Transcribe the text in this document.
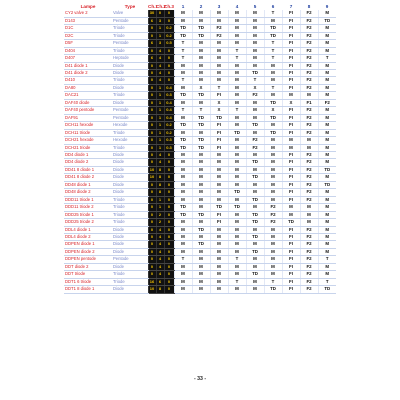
Lampe	Type	Ch.1	Ch.2	Ch.3	1	2	3	4	5	6	7	8	9
CY2 valve 2	Valve	30	0	0	M	M	M	M	M	T	FI	F2	M
D143	Pentode	6	3	0	M	M	M	M	M	M	FI	F2	TD
D1C	Triode	0	1	0.2	TD	TD	F2	M	M	TD	FI	F2	M
D2C	Triode	0	1	0.2	TD	TD	F2	M	M	TD	FI	F2	M
D5F	Pentode	6	3	0.5	T	M	M	M	M	T	FI	F2	M
D404	Triode	0	4	0	T	M	M	T	M	T	FI	F2	M
D407	Heptode	6	4	0	T	M	M	T	M	T	FI	F2	T
D41 diode 1	Diode	0	4	0	M	M	M	M	M	M	FI	F2	M
D41 diode 2	Diode	0	4	0	M	M	M	M	TD	M	FI	F2	M
D410	Triode	0	4	0	T	M	M	M	T	M	FI	F2	M
DA80	Diode	0	1	0.4	M	X	T	M	X	T	FI	F2	M
DAC21	Triode	0	1	0.3	TD	TD	FI	M	F2	M	M	M	M
DAF40 diode	Diode	0	1	0.4	M	M	X	M	M	TD	X	F1	F2
DAF40 pentode	Pentode	0	1	0.4	T	T	X	T	M	X	FI	F2	M
DAF91	Pentode	0	1	0.4	M	TD	TD	M	M	TD	FI	F2	M
DCH11 hexode	Hexode	0	1	0.2	TD	TD	FI	M	TD	M	FI	F2	M
DCH11 triode	Triode	0	1	0.2	M	M	FI	TD	M	TD	FI	F2	M
DCH21 hexode	Hexode	0	1	0.3	TD	TD	FI	M	F2	M	M	M	M
DCH21 triode	Triode	0	1	0.3	TD	TD	FI	M	F2	M	M	M	M
DD4 diode 1	Diode	0	4	0	M	M	M	M	M	M	FI	F2	M
DD4 diode 2	Diode	0	4	0	M	M	M	M	TD	M	FI	F2	M
DD41 8 diode 1	Diode	10	8	0	M	M	M	M	M	M	FI	F2	TD
DD41 8 diode 2	Diode	10	8	0	M	M	M	M	TD	M	FI	F2	M
DD48 diode 1	Diode	0	8	0	M	M	M	M	M	M	FI	F2	TD
DD48 diode 2	Diode	0	8	0	M	M	M	TD	M	M	FI	F2	M
DDD11 triode 1	Triode	0	1	0	M	M	M	M	TD	M	FI	F2	M
DDD11 triode 2	Triode	0	1	0	TD	M	TD	TD	M	F2	M	M	M
DDD25 triode 1	Triode	0	2	0	TD	TD	FI	M	TD	F2	M	M	M
DDD25 triode 2	Triode	0	2	0	M	M	FI	M	TD	F2	TD	M	M
DDL4 diode 1	Diode	0	4	0	M	TD	M	M	M	M	FI	F2	M
DDL4 diode 2	Diode	0	4	0	M	M	M	M	TD	M	FI	F2	M
DDPEN diode 1	Diode	0	4	0	M	TD	M	M	M	M	FI	F2	M
DDPEN diode 2	Diode	0	4	0	M	M	M	M	TD	M	FI	F2	M
DDPEN pentode	Pentode	0	4	0	T	M	M	T	M	M	FI	F2	T
DDT diode 2	Diode	0	4	0	M	M	M	M	M	M	FI	F2	M
DDT triode	Triode	0	4	0	M	M	M	M	TD	M	FI	F2	M
DDT1 6 triode	Triode	16	6	0	M	M	M	T	M	T	FI	F2	T
DDT1 8 diode 1	Diode	10	8	0	M	M	M	M	M	TD	FI	F2	TD
- 33 -
